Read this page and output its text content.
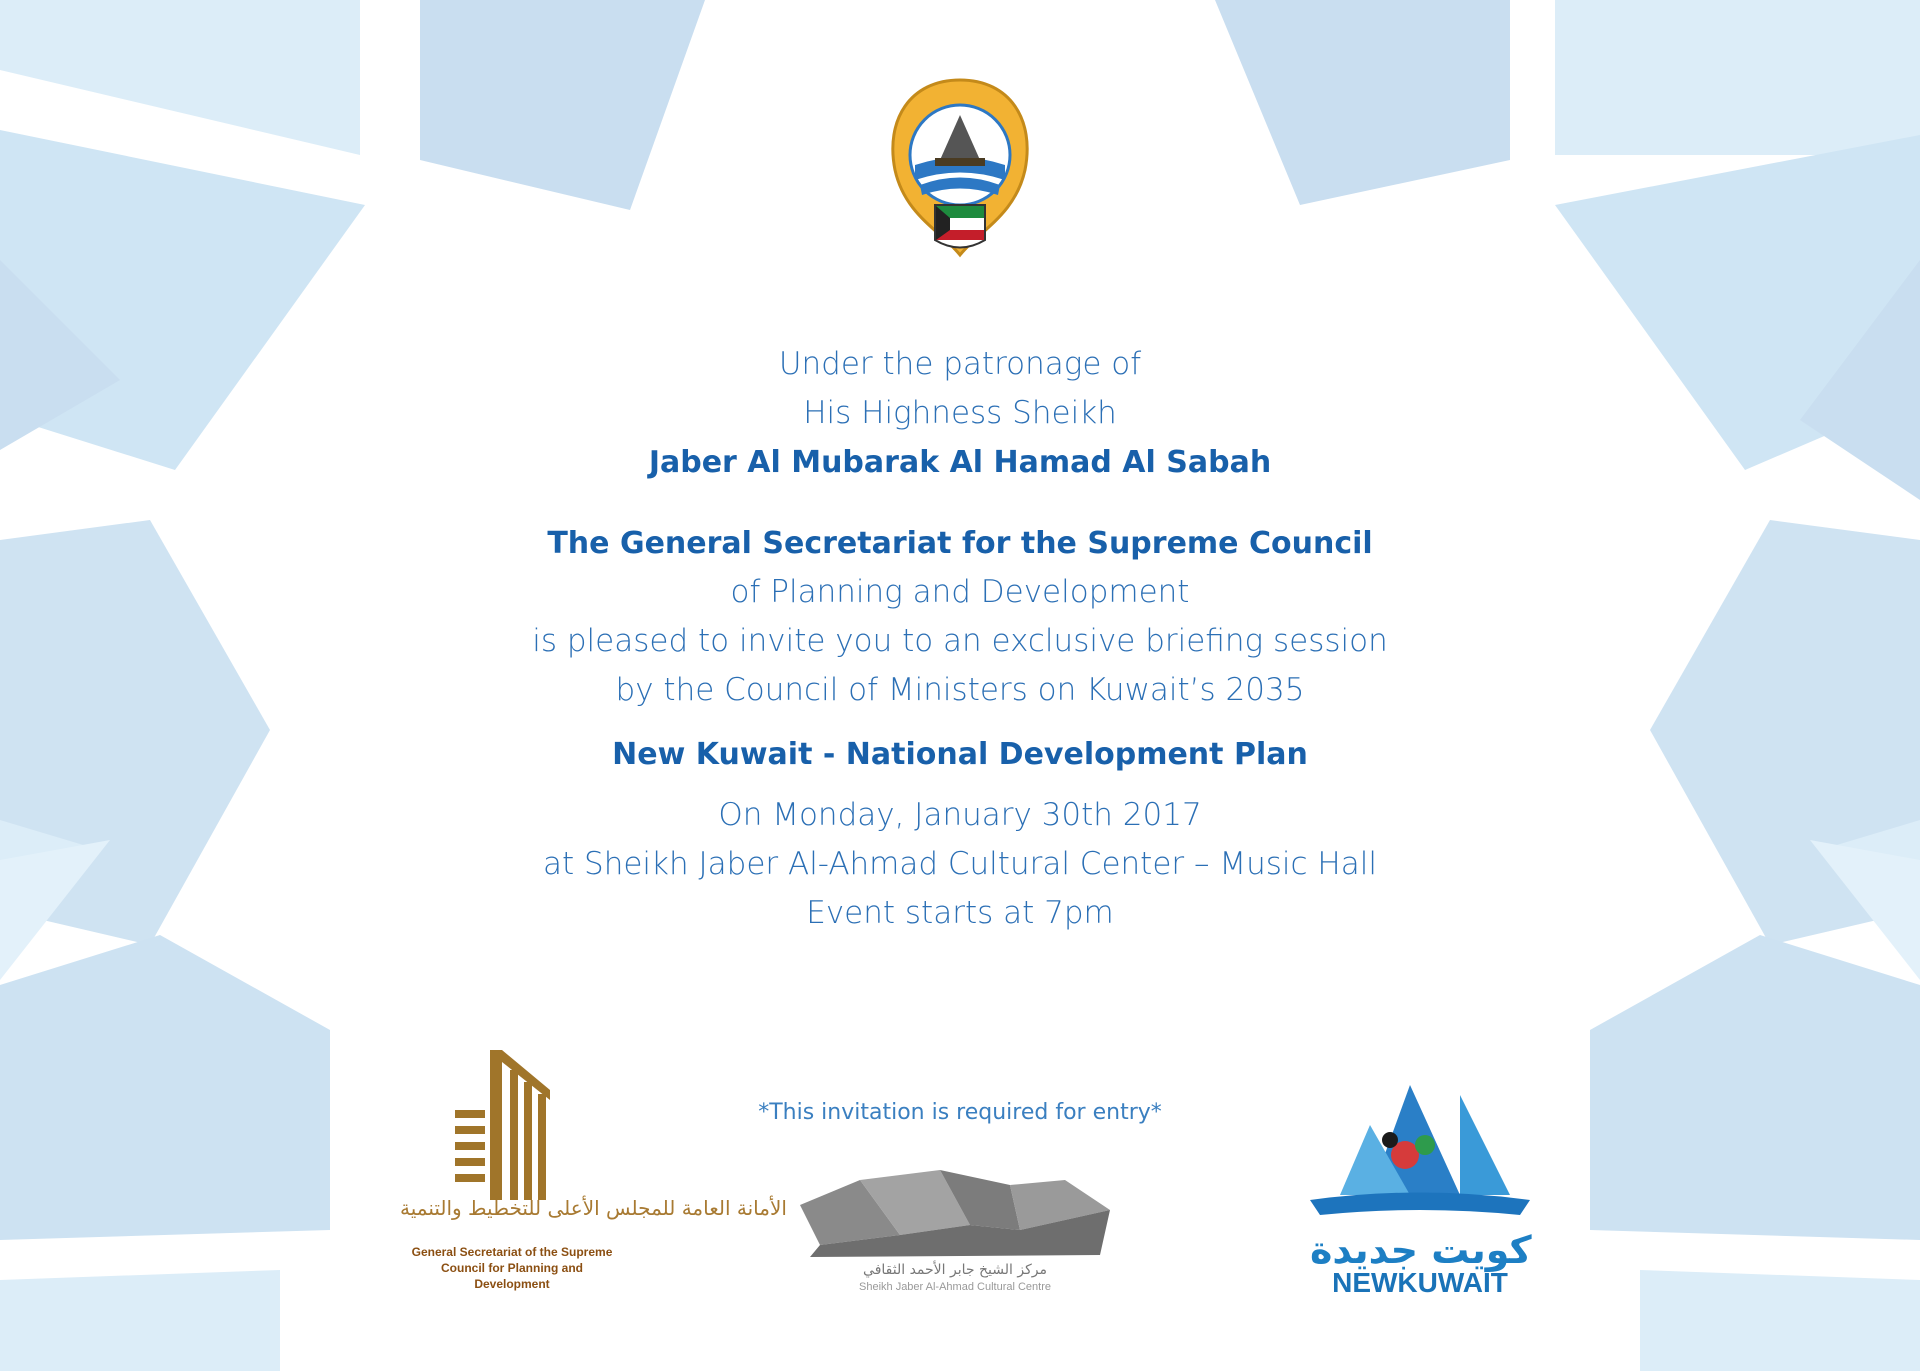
Under the patronage of
His Highness Sheikh
Jaber Al Mubarak Al Hamad Al Sabah
The General Secretariat for the Supreme Council
of Planning and Development
is pleased to invite you to an exclusive briefing session
by the Council of Ministers on Kuwait’s 2035
New Kuwait - National Development Plan
On Monday, January 30th 2017
at Sheikh Jaber Al-Ahmad Cultural Center – Music Hall
Event starts at 7pm
*This invitation is required for entry*
الأمانة العامة للمجلس الأعلى للتخطيط والتنمية
General Secretariat of the Supreme
Council for Planning and
Development
مركز الشيخ جابر الأحمد الثقافي
Sheikh Jaber Al-Ahmad Cultural Centre
كويت جديدة
NEWKUWAIT
